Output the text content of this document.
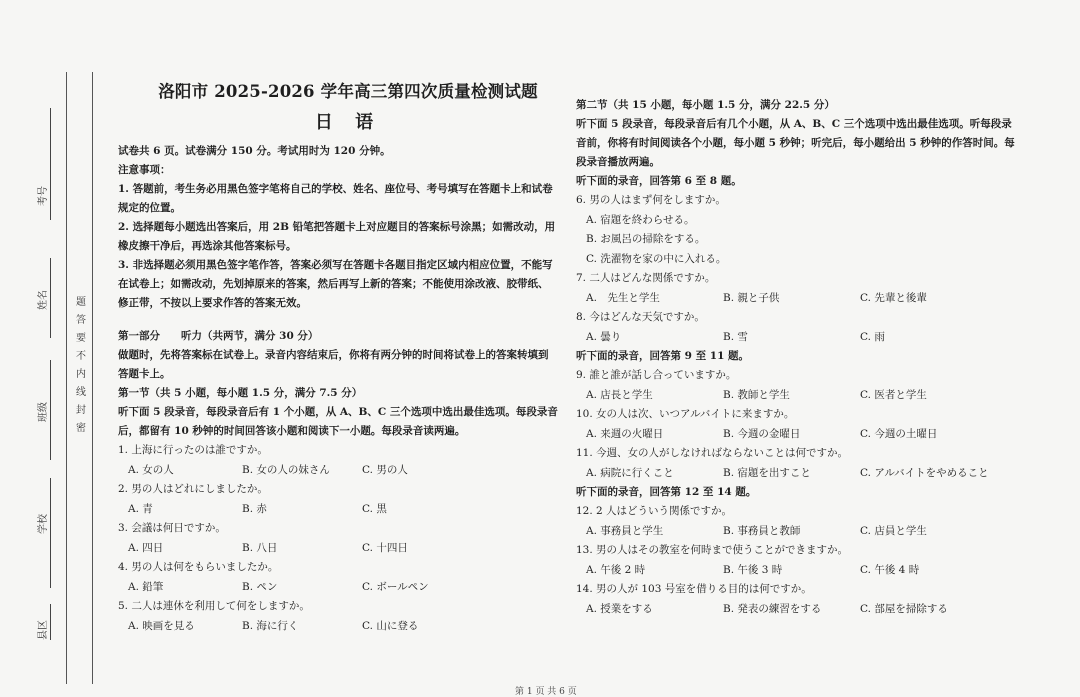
考号
姓名
班级
学校
县区
题
答
要
不
内
线
封
密
洛阳市 2025-2026 学年高三第四次质量检测试题
日 语

试卷共 6 页。试卷满分 150 分。考试用时为 120 分钟。

注意事项：

1. 答题前，考生务必用黑色签字笔将自己的学校、姓名、座位号、考号填写在答题卡上和试卷规定的位置。

2. 选择题每小题选出答案后，用 2B 铅笔把答题卡上对应题目的答案标号涂黑；如需改动，用橡皮擦干净后，再选涂其他答案标号。

3. 非选择题必须用黑色签字笔作答，答案必须写在答题卡各题目指定区域内相应位置，不能写在试卷上；如需改动，先划掉原来的答案，然后再写上新的答案；不能使用涂改液、胶带纸、修正带，不按以上要求作答的答案无效。

第一部分　　听力（共两节，满分 30 分）

做题时，先将答案标在试卷上。录音内容结束后，你将有两分钟的时间将试卷上的答案转填到答题卡上。

第一节（共 5 小题，每小题 1.5 分，满分 7.5 分）

听下面 5 段录音，每段录音后有 1 个小题，从 A、B、C 三个选项中选出最佳选项。每段录音后，都留有 10 秒钟的时间回答该小题和阅读下一小题。每段录音读两遍。

1. 上海に行ったのは誰ですか。

A. 女の人	B. 女の人の妹さん	C. 男の人

2. 男の人はどれにしましたか。

A. 青	B. 赤	C. 黒

3. 会議は何日ですか。

A. 四日	B. 八日	C. 十四日

4. 男の人は何をもらいましたか。

A. 鉛筆	B. ペン	C. ボールペン

5. 二人は連休を利用して何をしますか。

A. 映画を見る	B. 海に行く	C. 山に登る

第二节（共 15 小题，每小题 1.5 分，满分 22.5 分）

听下面 5 段录音，每段录音后有几个小题，从 A、B、C 三个选项中选出最佳选项。听每段录音前，你将有时间阅读各个小题，每小题 5 秒钟；听完后，每小题给出 5 秒钟的作答时间。每段录音播放两遍。

听下面的录音，回答第 6 至 8 题。

6. 男の人はまず何をしますか。

A. 宿題を終わらせる。

B. お風呂の掃除をする。

C. 洗濯物を家の中に入れる。

7. 二人はどんな関係ですか。

A.　先生と学生	B. 親と子供	C. 先輩と後輩

8. 今はどんな天気ですか。

A. 曇り	B. 雪	C. 雨

听下面的录音，回答第 9 至 11 题。

9. 誰と誰が話し合っていますか。

A. 店長と学生	B. 教師と学生	C. 医者と学生

10. 女の人は次、いつアルバイトに来ますか。

A. 来週の火曜日	B. 今週の金曜日	C. 今週の土曜日

11. 今週、女の人がしなければならないことは何ですか。

A. 病院に行くこと	B. 宿題を出すこと	C. アルバイトをやめること

听下面的录音，回答第 12 至 14 题。

12. 2 人はどういう関係ですか。

A. 事務員と学生	B. 事務員と教師	C. 店員と学生

13. 男の人はその教室を何時まで使うことができますか。

A. 午後 2 時	B. 午後 3 時	C. 午後 4 時

14. 男の人が 103 号室を借りる目的は何ですか。

A. 授業をする	B. 発表の練習をする	C. 部屋を掃除する
第 1 页 共 6 页
